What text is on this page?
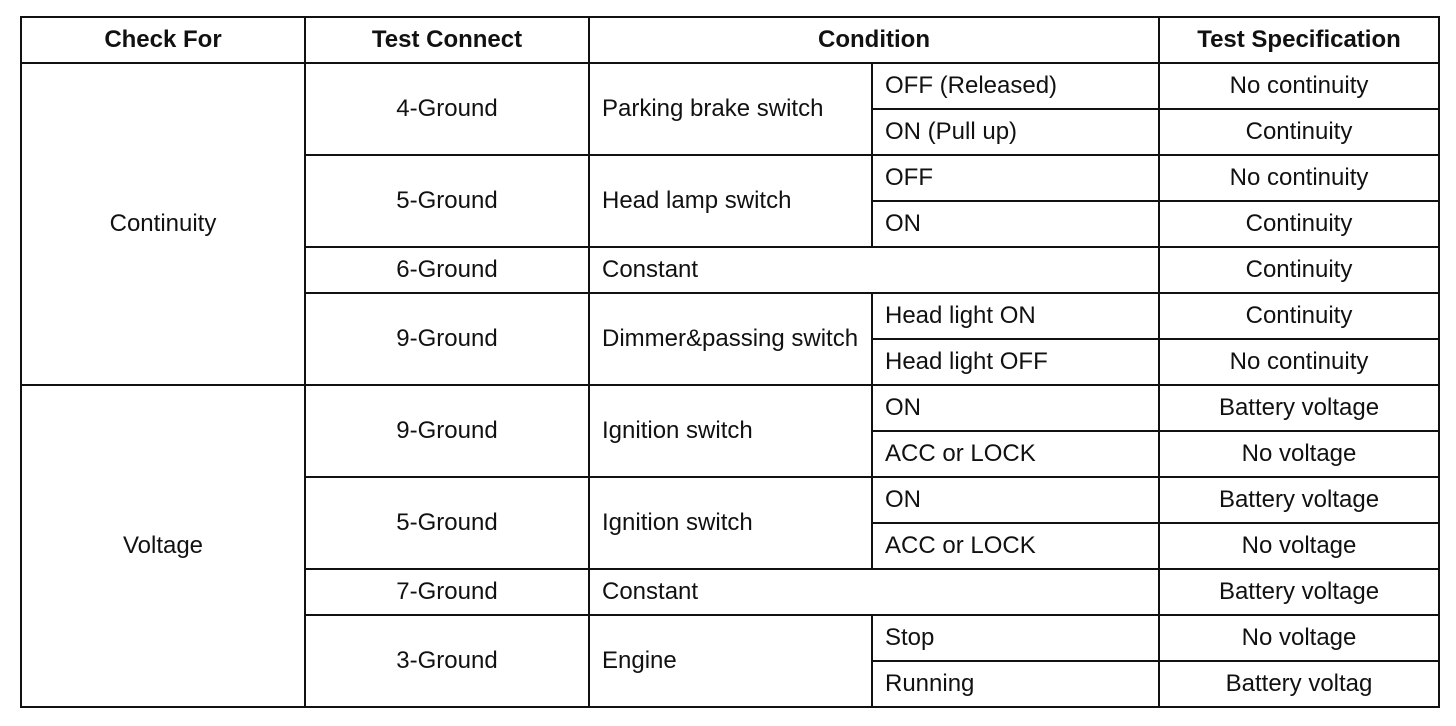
Check For	Test Connect	Condition		Test Specification
Continuity	4-Ground	Parking brake switch	OFF (Released)	No continuity
			ON (Pull up)	Continuity
	5-Ground	Head lamp switch	OFF	No continuity
			ON	Continuity
	6-Ground	Constant		Continuity
	9-Ground	Dimmer&passing switch	Head light ON	Continuity
			Head light OFF	No continuity
Voltage	9-Ground	Ignition switch	ON	Battery voltage
			ACC or LOCK	No voltage
	5-Ground	Ignition switch	ON	Battery voltage
			ACC or LOCK	No voltage
	7-Ground	Constant		Battery voltage
	3-Ground	Engine	Stop	No voltage
			Running	Battery voltag
